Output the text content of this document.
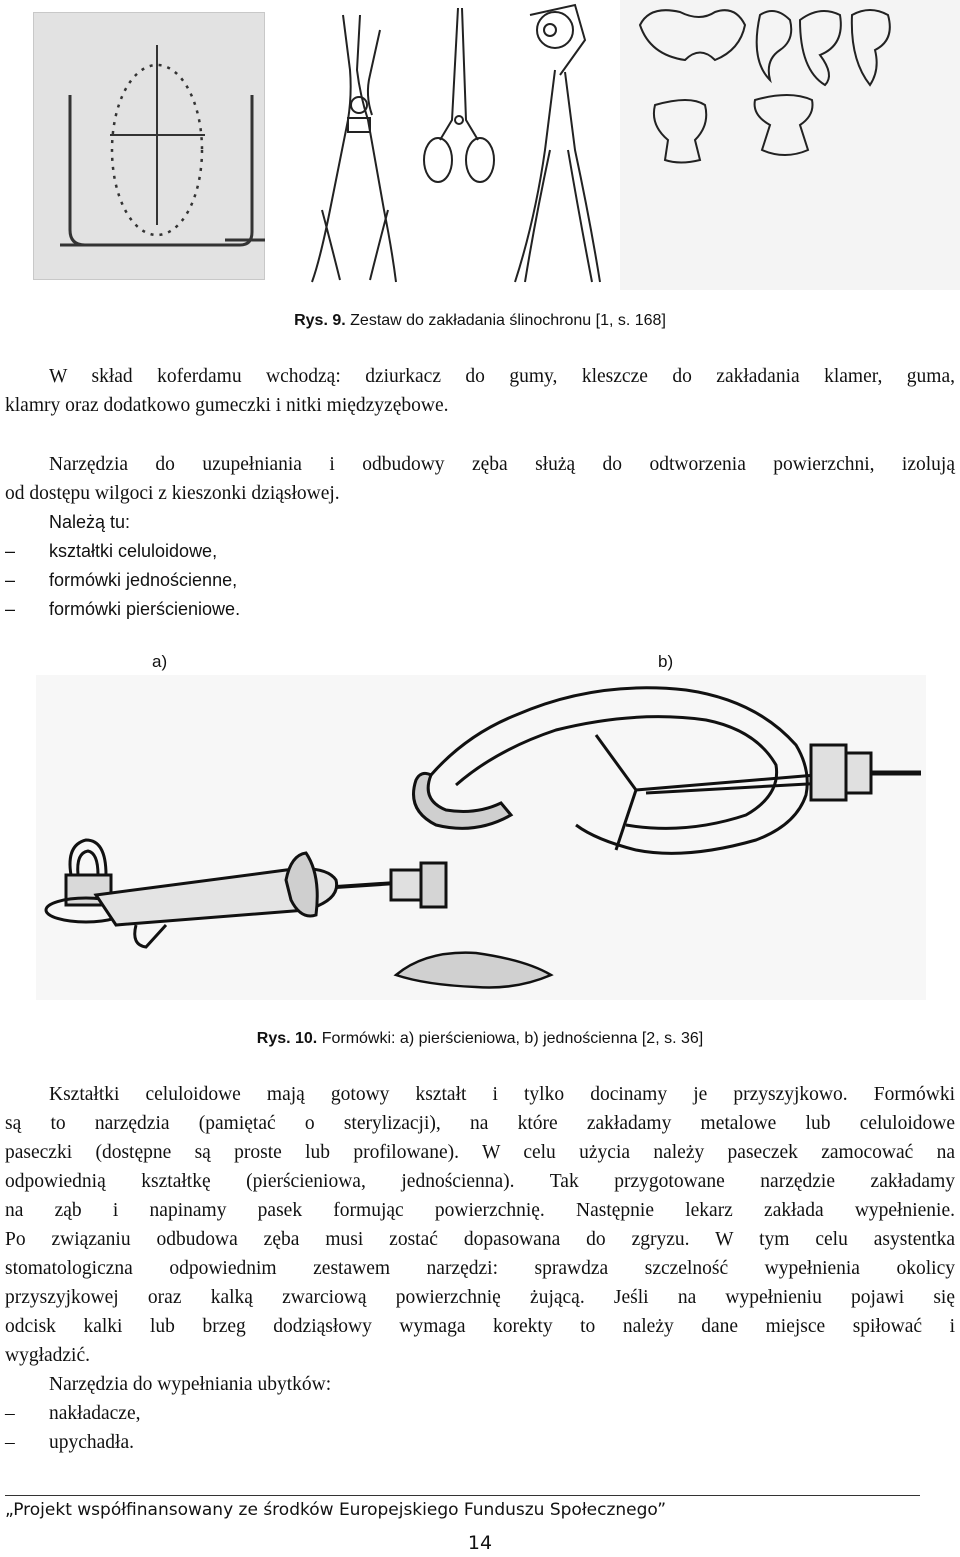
Rys. 9. Zestaw do zakładania ślinochronu [1, s. 168]
W skład koferdamu wchodzą: dziurkacz do gumy, kleszcze do zakładania klamer, guma,
klamry oraz dodatkowo gumeczki i nitki międzyzębowe.
Narzędzia do uzupełniania i odbudowy zęba służą do odtworzenia powierzchni, izolują
od dostępu wilgoci z kieszonki dziąsłowej.
Należą tu:
– kształtki celuloidowe,
– formówki jednościenne,
– formówki pierścieniowe.
a)	b)
Rys. 10. Formówki: a) pierścieniowa, b) jednościenna [2, s. 36]
Kształtki celuloidowe mają gotowy kształt i tylko docinamy je przyszyjkowo. Formówki
są to narzędzia (pamiętać o sterylizacji), na które zakładamy metalowe lub celuloidowe
paseczki (dostępne są proste lub profilowane). W celu użycia należy paseczek zamocować na
odpowiednią kształtkę (pierścieniowa, jednościenna). Tak przygotowane narzędzie zakładamy
na ząb i napinamy pasek formując powierzchnię. Następnie lekarz zakłada wypełnienie.
Po związaniu odbudowa zęba musi zostać dopasowana do zgryzu. W tym celu asystentka
stomatologiczna odpowiednim zestawem narzędzi: sprawdza szczelność wypełnienia okolicy
przyszyjkowej oraz kalką zwarciową powierzchnię żującą. Jeśli na wypełnieniu pojawi się
odcisk kalki lub brzeg dodziąsłowy wymaga korekty to należy dane miejsce spiłować i
wygładzić.
Narzędzia do wypełniania ubytków:
– nakładacze,
– upychadła.
„Projekt współfinansowany ze środków Europejskiego Funduszu Społecznego”
14
